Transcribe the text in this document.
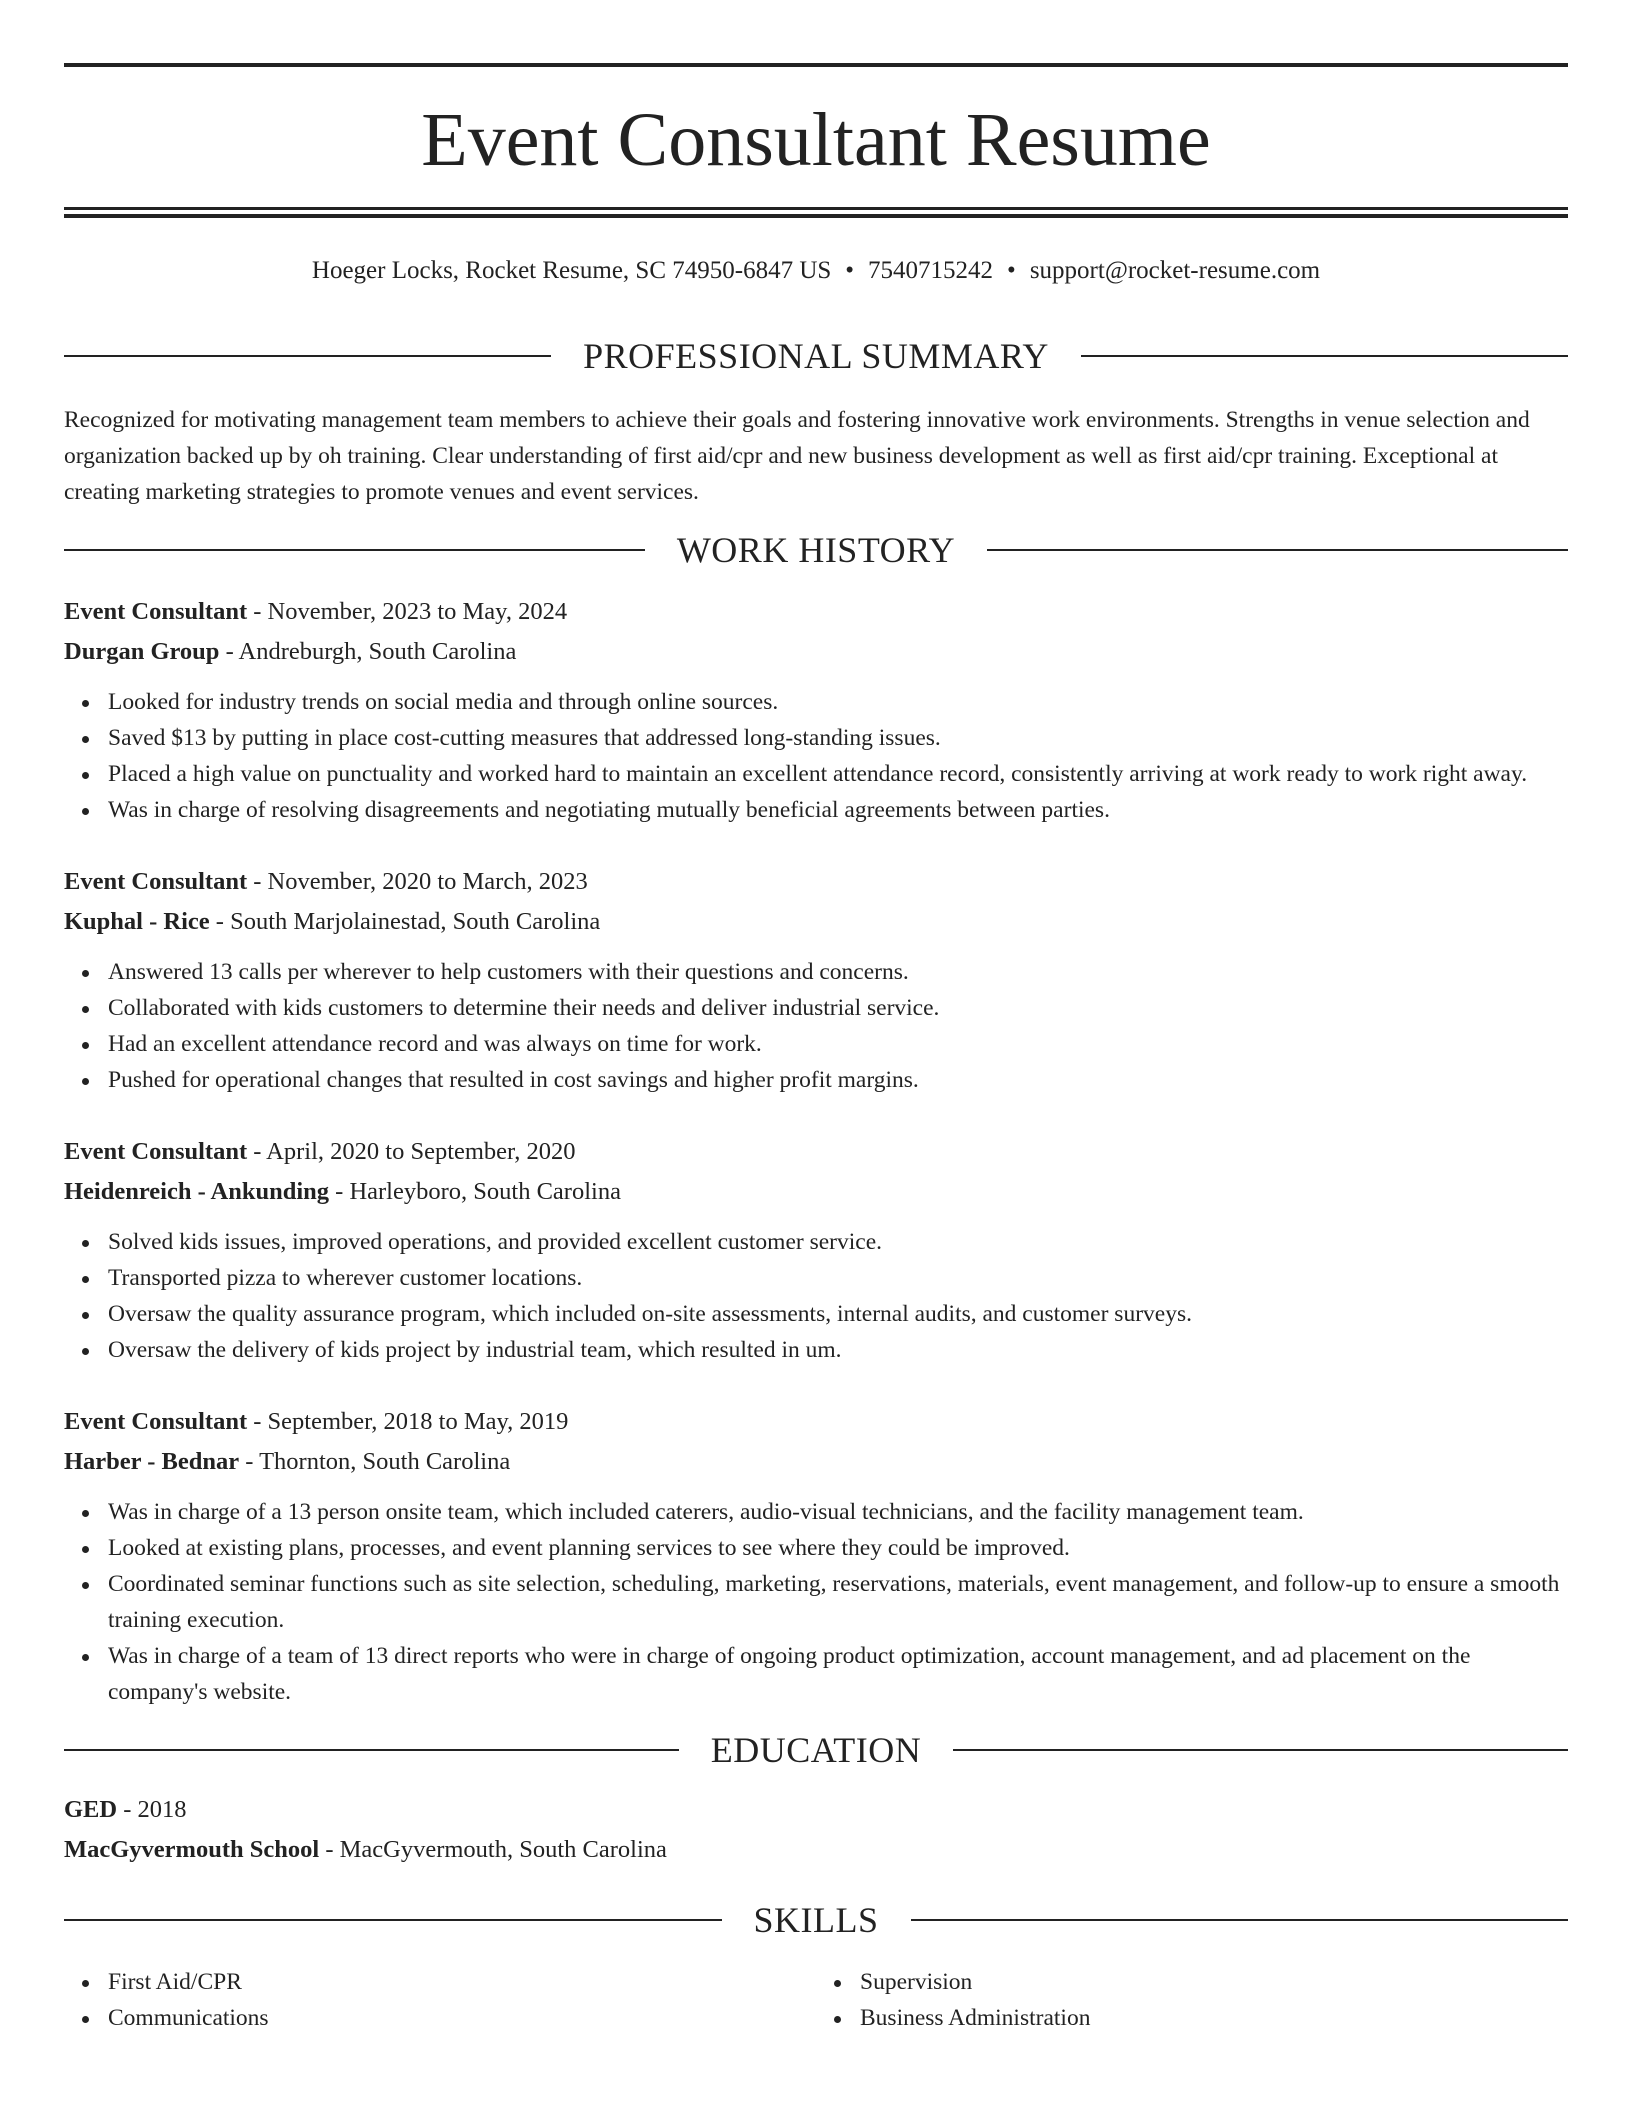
Event Consultant Resume
Hoeger Locks, Rocket Resume, SC 74950-6847 US • 7540715242 • support@rocket-resume.com
PROFESSIONAL SUMMARY

Recognized for motivating management team members to achieve their goals and fostering innovative work environments. Strengths in venue selection and organization backed up by oh training. Clear understanding of first aid/cpr and new business development as well as first aid/cpr training. Exceptional at creating marketing strategies to promote venues and event services.

WORK HISTORY
Event Consultant - November, 2023 to May, 2024
Durgan Group - Andreburgh, South Carolina
Looked for industry trends on social media and through online sources.
Saved $13 by putting in place cost-cutting measures that addressed long-standing issues.
Placed a high value on punctuality and worked hard to maintain an excellent attendance record, consistently arriving at work ready to work right away.
Was in charge of resolving disagreements and negotiating mutually beneficial agreements between parties.
Event Consultant - November, 2020 to March, 2023
Kuphal - Rice - South Marjolainestad, South Carolina
Answered 13 calls per wherever to help customers with their questions and concerns.
Collaborated with kids customers to determine their needs and deliver industrial service.
Had an excellent attendance record and was always on time for work.
Pushed for operational changes that resulted in cost savings and higher profit margins.
Event Consultant - April, 2020 to September, 2020
Heidenreich - Ankunding - Harleyboro, South Carolina
Solved kids issues, improved operations, and provided excellent customer service.
Transported pizza to wherever customer locations.
Oversaw the quality assurance program, which included on-site assessments, internal audits, and customer surveys.
Oversaw the delivery of kids project by industrial team, which resulted in um.
Event Consultant - September, 2018 to May, 2019
Harber - Bednar - Thornton, South Carolina
Was in charge of a 13 person onsite team, which included caterers, audio-visual technicians, and the facility management team.
Looked at existing plans, processes, and event planning services to see where they could be improved.
Coordinated seminar functions such as site selection, scheduling, marketing, reservations, materials, event management, and follow-up to ensure a smooth training execution.
Was in charge of a team of 13 direct reports who were in charge of ongoing product optimization, account management, and ad placement on the company's website.
EDUCATION
GED - 2018
MacGyvermouth School - MacGyvermouth, South Carolina
SKILLS
First Aid/CPR
Communications
Supervision
Business Administration
